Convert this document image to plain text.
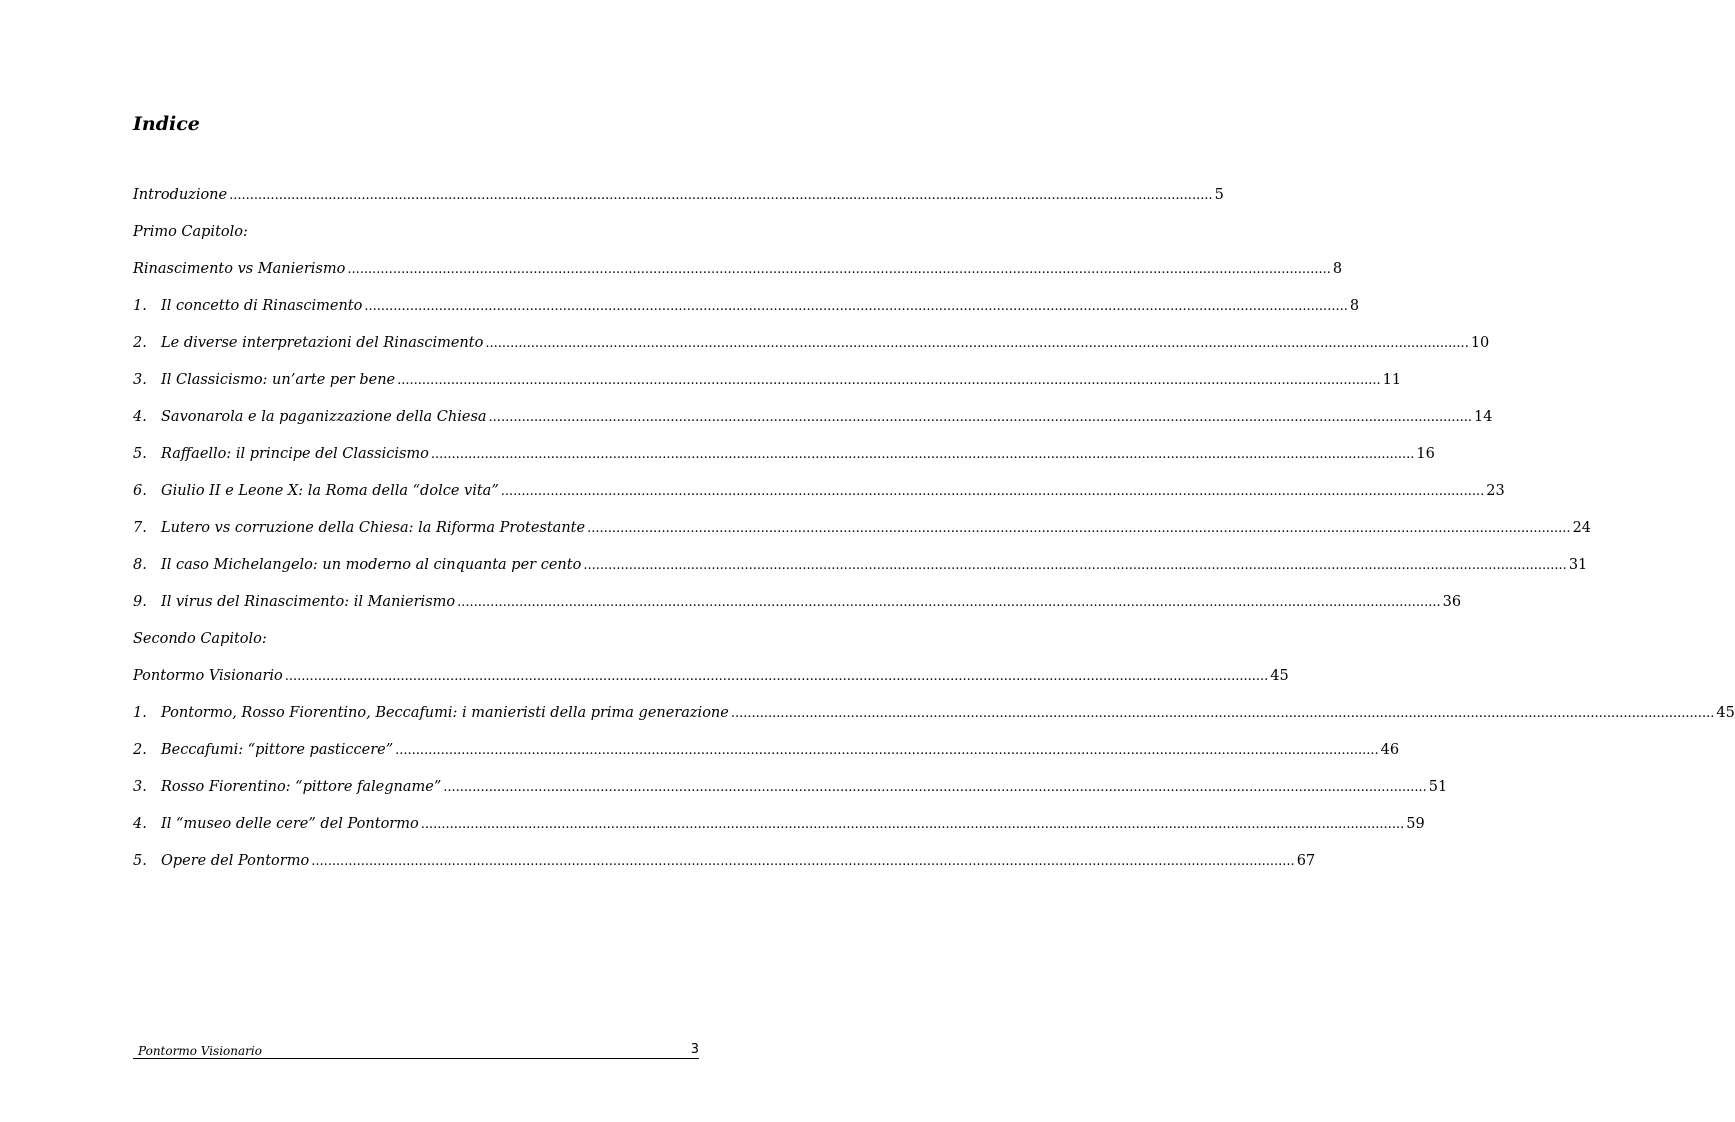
Indice
Introduzione .....	5
Primo Capitolo:
Rinascimento vs Manierismo .....	8
1. Il concetto di Rinascimento .....	8
2. Le diverse interpretazioni del Rinascimento .....	10
3. Il Classicismo: un’arte per bene .....	11
4. Savonarola e la paganizzazione della Chiesa .....	14
5. Raffaello: il principe del Classicismo .....	16
6. Giulio II e Leone X: la Roma della “dolce vita” .....	23
7. Lutero vs corruzione della Chiesa: la Riforma Protestante .....	24
8. Il caso Michelangelo: un moderno al cinquanta per cento .....	31
9. Il virus del Rinascimento: il Manierismo .....	36
Secondo Capitolo:
Pontormo Visionario .....	45
1. Pontormo, Rosso Fiorentino, Beccafumi: i manieristi della prima generazione .....	45
2. Beccafumi: “pittore pasticcere” .....	46
3. Rosso Fiorentino: “pittore falegname” .....	51
4. Il “museo delle cere” del Pontormo .....	59
5. Opere del Pontormo .....	67
Pontormo Visionario	3
